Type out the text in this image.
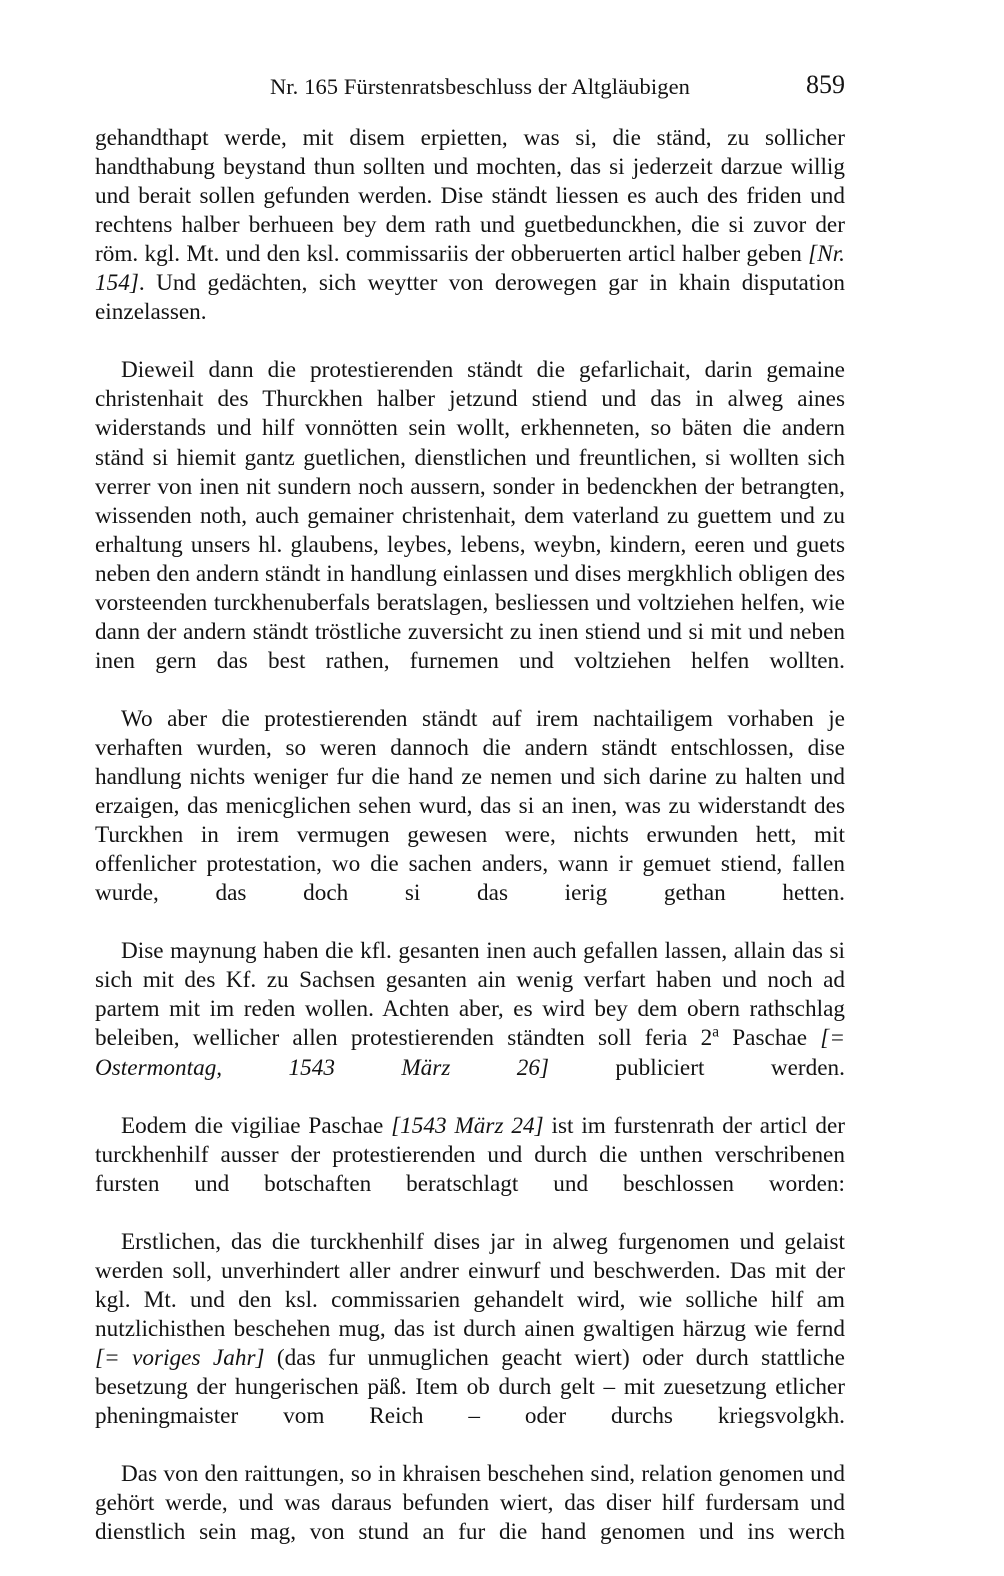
Nr. 165 Fürstenratsbeschluss der Altgläubigen	859

gehandthapt werde, mit disem erpietten, was si, die ständ, zu sollicher handthabung beystand thun sollten und mochten, das si jederzeit darzue willig und berait sollen gefunden werden. Dise ständt liessen es auch des friden und rechtens halber berhueen bey dem rath und guetbedunckhen, die si zuvor der röm. kgl. Mt. und den ksl. commissariis der obberuerten articl halber geben [Nr. 154]. Und gedächten, sich weytter von derowegen gar in khain disputation einzelassen.

Dieweil dann die protestierenden ständt die gefarlichait, darin gemaine christenhait des Thurckhen halber jetzund stiend und das in alweg aines widerstands und hilf vonnötten sein wollt, erkhenneten, so bäten die andern ständ si hiemit gantz guetlichen, dienstlichen und freuntlichen, si wollten sich verrer von inen nit sundern noch aussern, sonder in bedenckhen der betrangten, wissenden noth, auch gemainer christenhait, dem vaterland zu guettem und zu erhaltung unsers hl. glaubens, leybes, lebens, weybn, kindern, eeren und guets neben den andern ständt in handlung einlassen und dises mergkhlich obligen des vorsteenden turckhenuberfals beratslagen, besliessen und voltziehen helfen, wie dann der andern ständt tröstliche zuversicht zu inen stiend und si mit und neben inen gern das best rathen, furnemen und voltziehen helfen wollten.

Wo aber die protestierenden ständt auf irem nachtailigem vorhaben je verhaften wurden, so weren dannoch die andern ständt entschlossen, dise handlung nichts weniger fur die hand ze nemen und sich darine zu halten und erzaigen, das menicglichen sehen wurd, das si an inen, was zu widerstandt des Turckhen in irem vermugen gewesen were, nichts erwunden hett, mit offenlicher protestation, wo die sachen anders, wann ir gemuet stiend, fallen wurde, das doch si das ierig gethan hetten.

Dise maynung haben die kfl. gesanten inen auch gefallen lassen, allain das si sich mit des Kf. zu Sachsen gesanten ain wenig verfart haben und noch ad partem mit im reden wollen. Achten aber, es wird bey dem obern rathschlag beleiben, wellicher allen protestierenden ständten soll feria 2$^a$ Paschae [= Ostermontag, 1543 März 26] publiciert werden.

Eodem die vigiliae Paschae [1543 März 24] ist im furstenrath der articl der turckhenhilf ausser der protestierenden und durch die unthen verschribenen fursten und botschaften beratschlagt und beschlossen worden:

Erstlichen, das die turckhenhilf dises jar in alweg furgenomen und gelaist werden soll, unverhindert aller andrer einwurf und beschwerden. Das mit der kgl. Mt. und den ksl. commissarien gehandelt wird, wie solliche hilf am nutzlichisthen beschehen mug, das ist durch ainen gwaltigen härzug wie fernd [= voriges Jahr] (das fur unmuglichen geacht wiert) oder durch stattliche besetzung der hungerischen päß. Item ob durch gelt – mit zuesetzung etlicher pheningmaister vom Reich – oder durchs kriegsvolgkh.

Das von den raittungen, so in khraisen beschehen sind, relation genomen und gehört werde, und was daraus befunden wiert, das diser hilf furdersam und dienstlich sein mag, von stund an fur die hand genomen und ins werch
